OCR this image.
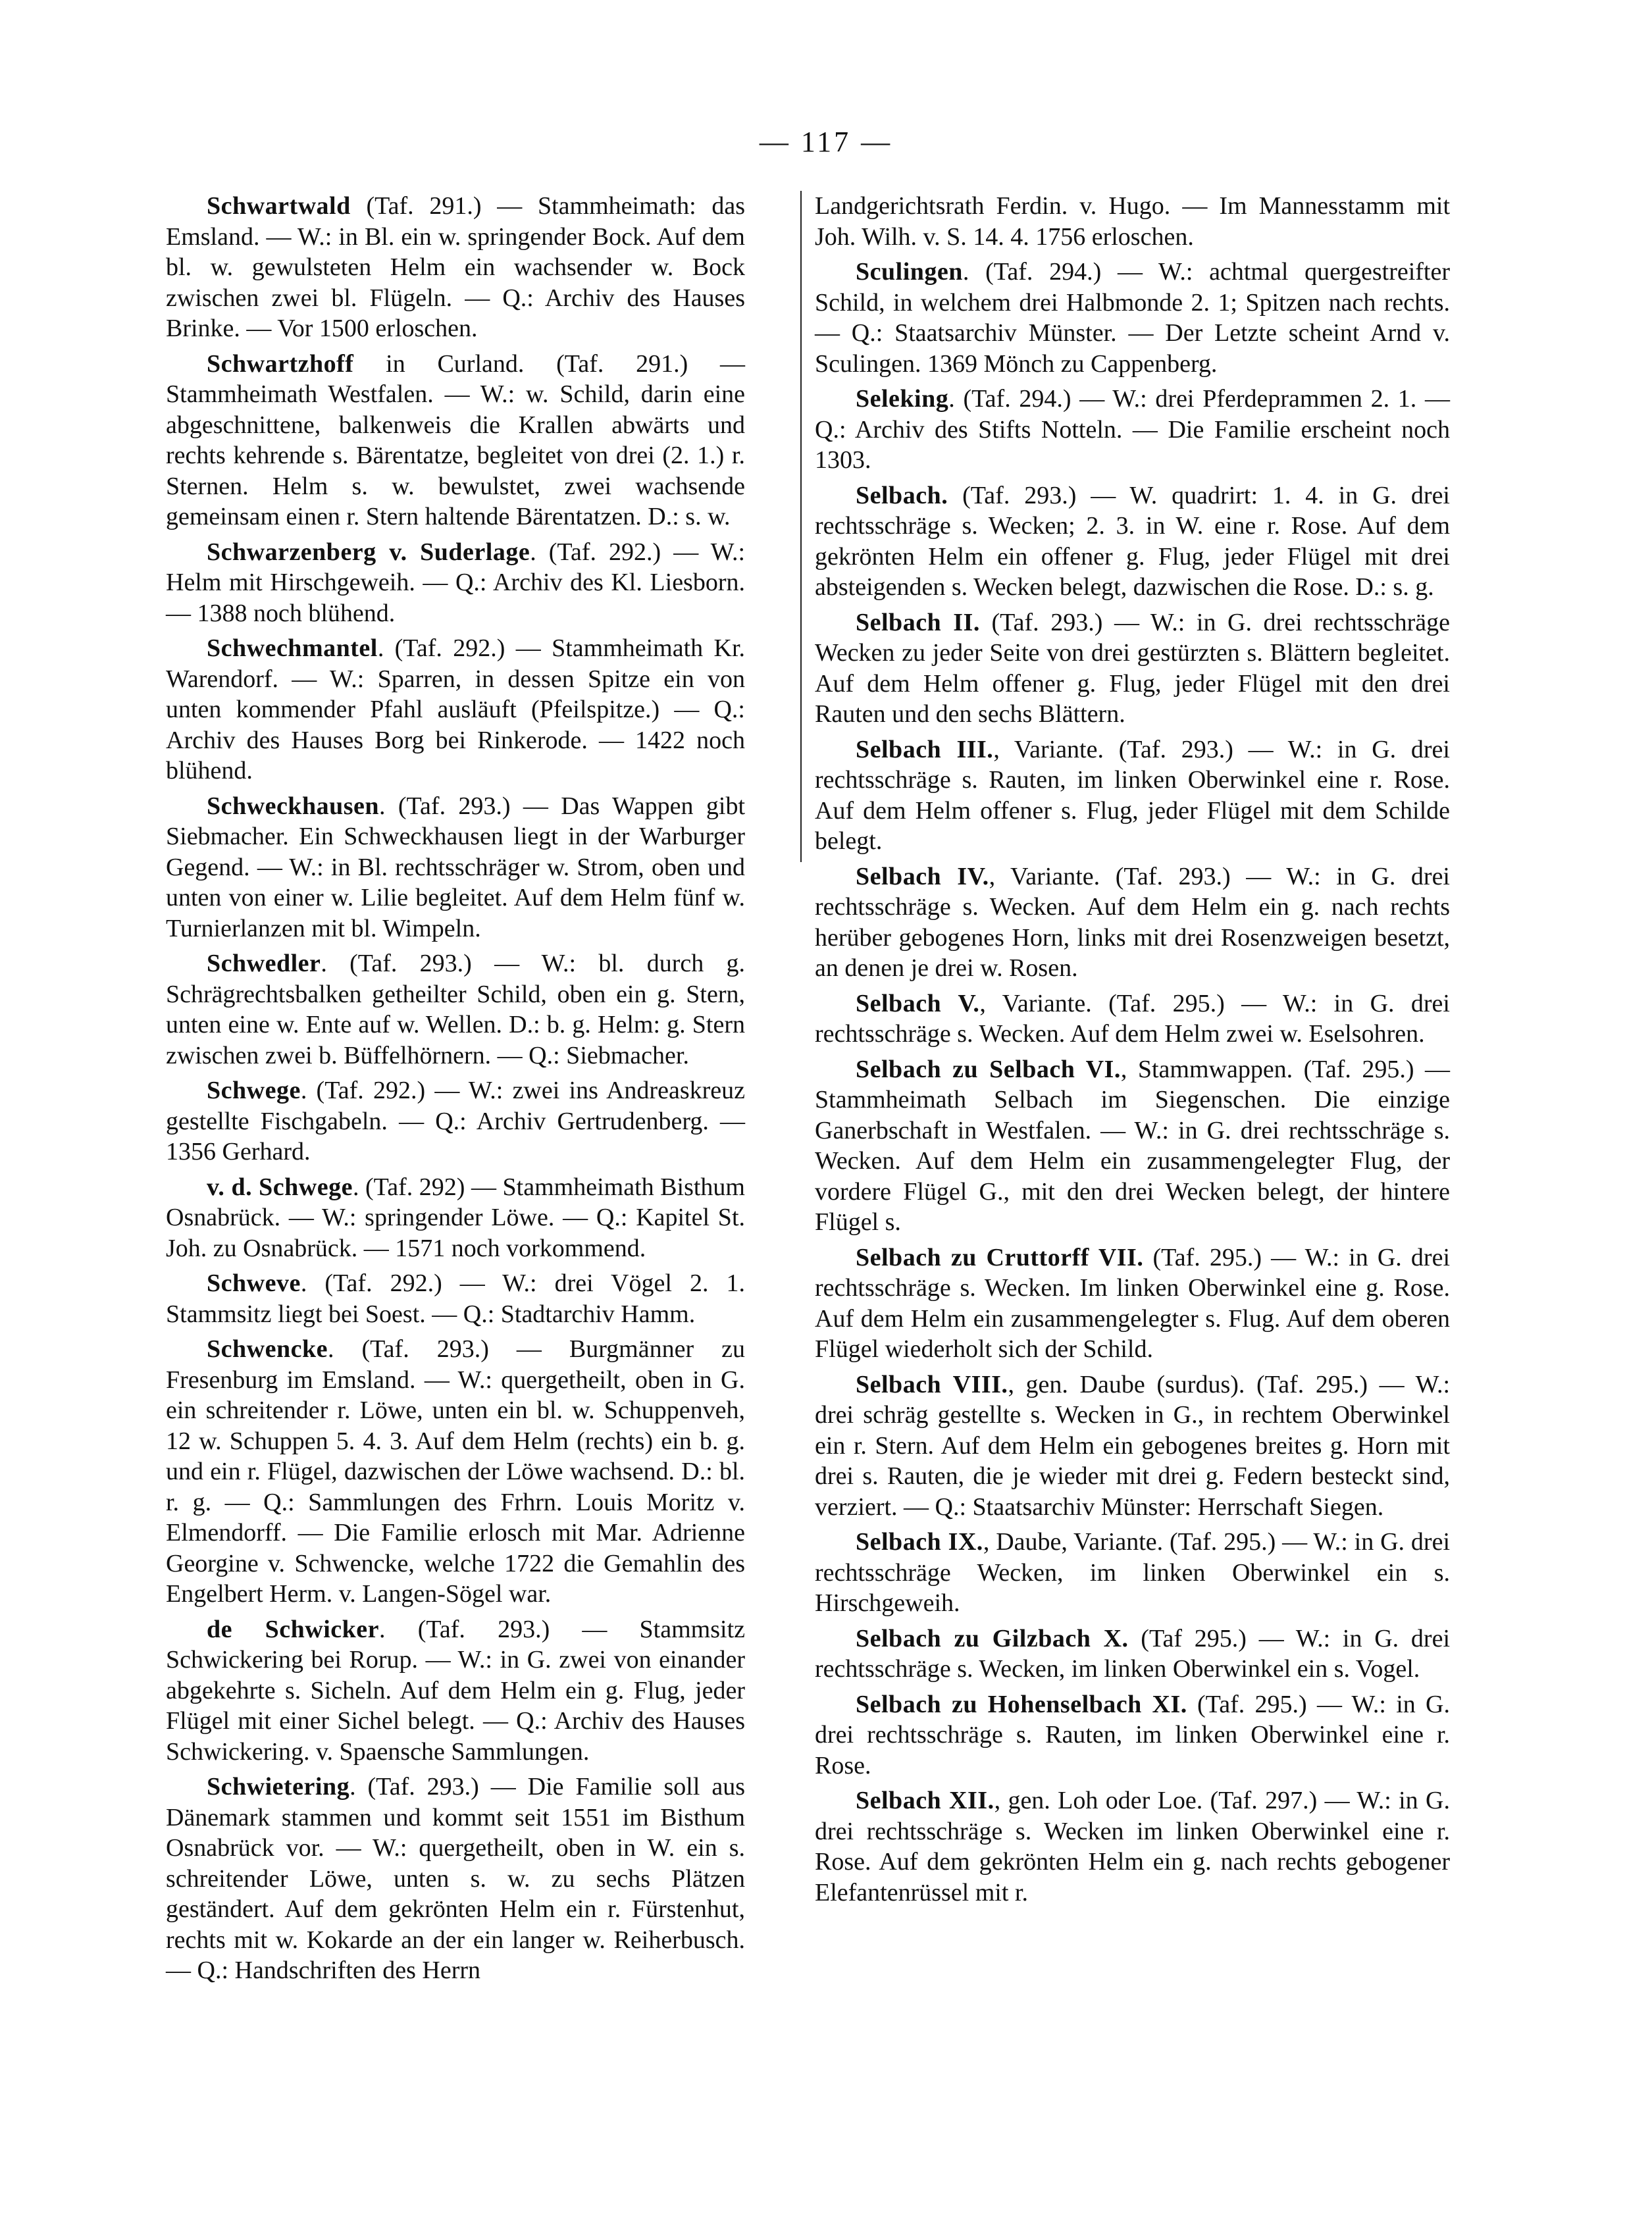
— 117 —

Schwartwald (Taf. 291.) — Stammheimath: das Emsland. — W.: in Bl. ein w. springender Bock. Auf dem bl. w. gewulsteten Helm ein wachsender w. Bock zwischen zwei bl. Flügeln. — Q.: Archiv des Hauses Brinke. — Vor 1500 erloschen.

Schwartzhoff in Curland. (Taf. 291.) — Stammheimath Westfalen. — W.: w. Schild, darin eine abgeschnittene, balkenweis die Krallen abwärts und rechts kehrende s. Bärentatze, begleitet von drei (2. 1.) r. Sternen. Helm s. w. bewulstet, zwei wachsende gemeinsam einen r. Stern haltende Bärentatzen. D.: s. w.

Schwarzenberg v. Suderlage. (Taf. 292.) — W.: Helm mit Hirschgeweih. — Q.: Archiv des Kl. Liesborn. — 1388 noch blühend.

Schwechmantel. (Taf. 292.) — Stammheimath Kr. Warendorf. — W.: Sparren, in dessen Spitze ein von unten kommender Pfahl ausläuft (Pfeilspitze.) — Q.: Archiv des Hauses Borg bei Rinkerode. — 1422 noch blühend.

Schweckhausen. (Taf. 293.) — Das Wappen gibt Siebmacher. Ein Schweckhausen liegt in der Warburger Gegend. — W.: in Bl. rechtsschräger w. Strom, oben und unten von einer w. Lilie begleitet. Auf dem Helm fünf w. Turnierlanzen mit bl. Wimpeln.

Schwedler. (Taf. 293.) — W.: bl. durch g. Schrägrechtsbalken getheilter Schild, oben ein g. Stern, unten eine w. Ente auf w. Wellen. D.: b. g. Helm: g. Stern zwischen zwei b. Büffelhörnern. — Q.: Siebmacher.

Schwege. (Taf. 292.) — W.: zwei ins Andreaskreuz gestellte Fischgabeln. — Q.: Archiv Gertrudenberg. — 1356 Gerhard.

v. d. Schwege. (Taf. 292) — Stammheimath Bisthum Osnabrück. — W.: springender Löwe. — Q.: Kapitel St. Joh. zu Osnabrück. — 1571 noch vorkommend.

Schweve. (Taf. 292.) — W.: drei Vögel 2. 1. Stammsitz liegt bei Soest. — Q.: Stadtarchiv Hamm.

Schwencke. (Taf. 293.) — Burgmänner zu Fresenburg im Emsland. — W.: quergetheilt, oben in G. ein schreitender r. Löwe, unten ein bl. w. Schuppenveh, 12 w. Schuppen 5. 4. 3. Auf dem Helm (rechts) ein b. g. und ein r. Flügel, dazwischen der Löwe wachsend. D.: bl. r. g. — Q.: Sammlungen des Frhrn. Louis Moritz v. Elmendorff. — Die Familie erlosch mit Mar. Adrienne Georgine v. Schwencke, welche 1722 die Gemahlin des Engelbert Herm. v. Langen-Sögel war.

de Schwicker. (Taf. 293.) — Stammsitz Schwickering bei Rorup. — W.: in G. zwei von einander abgekehrte s. Sicheln. Auf dem Helm ein g. Flug, jeder Flügel mit einer Sichel belegt. — Q.: Archiv des Hauses Schwickering. v. Spaensche Sammlungen.

Schwietering. (Taf. 293.) — Die Familie soll aus Dänemark stammen und kommt seit 1551 im Bisthum Osnabrück vor. — W.: quergetheilt, oben in W. ein s. schreitender Löwe, unten s. w. zu sechs Plätzen geständert. Auf dem gekrönten Helm ein r. Fürstenhut, rechts mit w. Kokarde an der ein langer w. Reiherbusch. — Q.: Handschriften des Herrn

Landgerichtsrath Ferdin. v. Hugo. — Im Mannesstamm mit Joh. Wilh. v. S. 14. 4. 1756 erloschen.

Sculingen. (Taf. 294.) — W.: achtmal quergestreifter Schild, in welchem drei Halbmonde 2. 1; Spitzen nach rechts. — Q.: Staatsarchiv Münster. — Der Letzte scheint Arnd v. Sculingen. 1369 Mönch zu Cappenberg.

Seleking. (Taf. 294.) — W.: drei Pferdeprammen 2. 1. — Q.: Archiv des Stifts Notteln. — Die Familie erscheint noch 1303.

Selbach. (Taf. 293.) — W. quadrirt: 1. 4. in G. drei rechtsschräge s. Wecken; 2. 3. in W. eine r. Rose. Auf dem gekrönten Helm ein offener g. Flug, jeder Flügel mit drei absteigenden s. Wecken belegt, dazwischen die Rose. D.: s. g.

Selbach II. (Taf. 293.) — W.: in G. drei rechtsschräge Wecken zu jeder Seite von drei gestürzten s. Blättern begleitet. Auf dem Helm offener g. Flug, jeder Flügel mit den drei Rauten und den sechs Blättern.

Selbach III., Variante. (Taf. 293.) — W.: in G. drei rechtsschräge s. Rauten, im linken Oberwinkel eine r. Rose. Auf dem Helm offener s. Flug, jeder Flügel mit dem Schilde belegt.

Selbach IV., Variante. (Taf. 293.) — W.: in G. drei rechtsschräge s. Wecken. Auf dem Helm ein g. nach rechts herüber gebogenes Horn, links mit drei Rosenzweigen besetzt, an denen je drei w. Rosen.

Selbach V., Variante. (Taf. 295.) — W.: in G. drei rechtsschräge s. Wecken. Auf dem Helm zwei w. Eselsohren.

Selbach zu Selbach VI., Stammwappen. (Taf. 295.) — Stammheimath Selbach im Siegenschen. Die einzige Ganerbschaft in Westfalen. — W.: in G. drei rechtsschräge s. Wecken. Auf dem Helm ein zusammengelegter Flug, der vordere Flügel G., mit den drei Wecken belegt, der hintere Flügel s.

Selbach zu Cruttorff VII. (Taf. 295.) — W.: in G. drei rechtsschräge s. Wecken. Im linken Oberwinkel eine g. Rose. Auf dem Helm ein zusammengelegter s. Flug. Auf dem oberen Flügel wiederholt sich der Schild.

Selbach VIII., gen. Daube (surdus). (Taf. 295.) — W.: drei schräg gestellte s. Wecken in G., in rechtem Oberwinkel ein r. Stern. Auf dem Helm ein gebogenes breites g. Horn mit drei s. Rauten, die je wieder mit drei g. Federn besteckt sind, verziert. — Q.: Staatsarchiv Münster: Herrschaft Siegen.

Selbach IX., Daube, Variante. (Taf. 295.) — W.: in G. drei rechtsschräge Wecken, im linken Oberwinkel ein s. Hirschgeweih.

Selbach zu Gilzbach X. (Taf 295.) — W.: in G. drei rechtsschräge s. Wecken, im linken Oberwinkel ein s. Vogel.

Selbach zu Hohenselbach XI. (Taf. 295.) — W.: in G. drei rechtsschräge s. Rauten, im linken Oberwinkel eine r. Rose.

Selbach XII., gen. Loh oder Loe. (Taf. 297.) — W.: in G. drei rechtsschräge s. Wecken im linken Oberwinkel eine r. Rose. Auf dem gekrönten Helm ein g. nach rechts gebogener Elefantenrüssel mit r.
